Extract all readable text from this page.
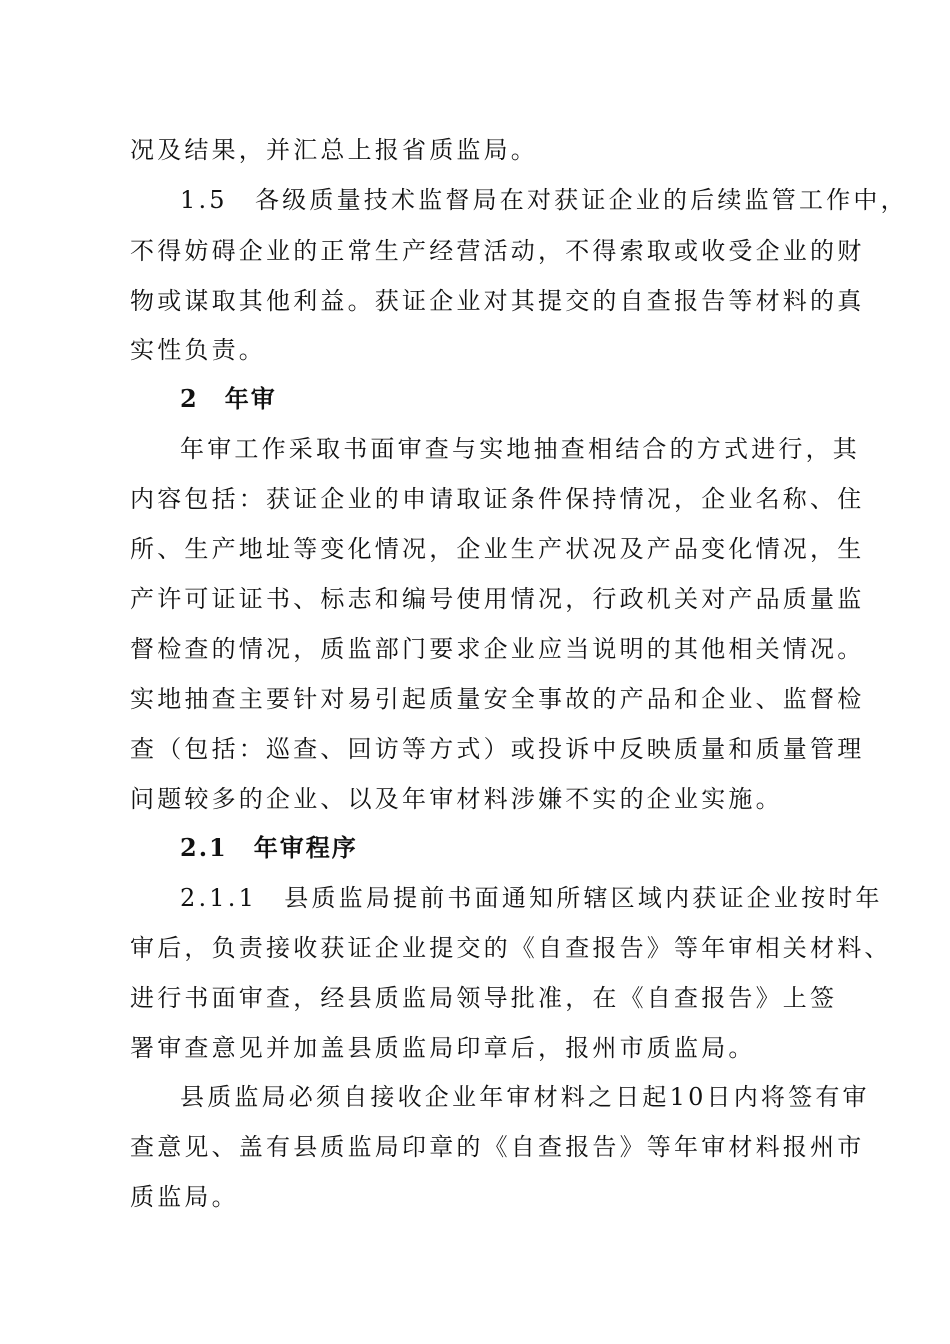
况及结果，并汇总上报省质监局。
1.5　各级质量技术监督局在对获证企业的后续监管工作中，
不得妨碍企业的正常生产经营活动，不得索取或收受企业的财
物或谋取其他利益。获证企业对其提交的自查报告等材料的真
实性负责。
2　年审
年审工作采取书面审查与实地抽查相结合的方式进行，其
内容包括：获证企业的申请取证条件保持情况，企业名称、住
所、生产地址等变化情况，企业生产状况及产品变化情况，生
产许可证证书、标志和编号使用情况，行政机关对产品质量监
督检查的情况，质监部门要求企业应当说明的其他相关情况。
实地抽查主要针对易引起质量安全事故的产品和企业、监督检
查（包括：巡查、回访等方式）或投诉中反映质量和质量管理
问题较多的企业、以及年审材料涉嫌不实的企业实施。
2.1　年审程序
2.1.1　县质监局提前书面通知所辖区域内获证企业按时年
审后，负责接收获证企业提交的《自查报告》等年审相关材料、
进行书面审查，经县质监局领导批准，在《自查报告》上签
署审查意见并加盖县质监局印章后，报州市质监局。
县质监局必须自接收企业年审材料之日起10日内将签有审
查意见、盖有县质监局印章的《自查报告》等年审材料报州市
质监局。
